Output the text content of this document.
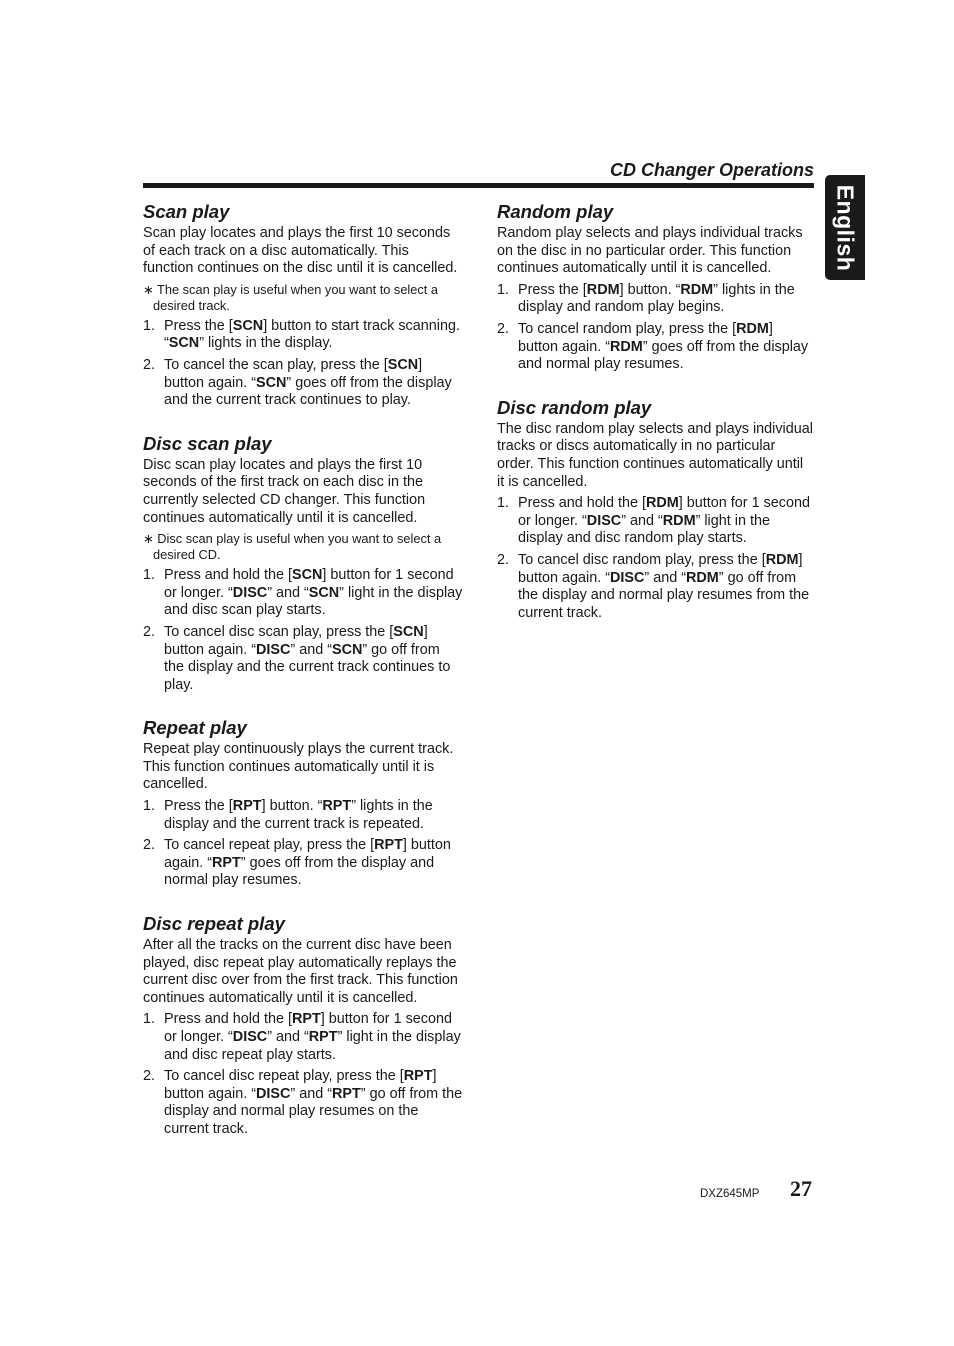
CD Changer Operations
English
Scan play

Scan play locates and plays the first 10 seconds of each track on a disc automatically. This function continues on the disc until it is cancelled.

∗ The scan play is useful when you want to select a desired track.

1. Press the [SCN] button to start track scanning. “SCN” lights in the display.
2. To cancel the scan play, press the [SCN] button again. “SCN” goes off from the display and the current track continues to play.
Disc scan play

Disc scan play locates and plays the first 10 seconds of the first track on each disc in the currently selected CD changer. This function continues automatically until it is cancelled.

∗ Disc scan play is useful when you want to select a desired CD.

1. Press and hold the [SCN] button for 1 second or longer. “DISC” and “SCN” light in the display and disc scan play starts.
2. To cancel disc scan play, press the [SCN] button again. “DISC” and “SCN” go off from the display and the current track continues to play.
Repeat play

Repeat play continuously plays the current track. This function continues automatically until it is cancelled.

1. Press the [RPT] button. “RPT” lights in the display and the current track is repeated.
2. To cancel repeat play, press the [RPT] button again. “RPT” goes off from the display and normal play resumes.
Disc repeat play

After all the tracks on the current disc have been played, disc repeat play automatically replays the current disc over from the first track. This function continues automatically until it is cancelled.

1. Press and hold the [RPT] button for 1 second or longer. “DISC” and “RPT” light in the display and disc repeat play starts.
2. To cancel disc repeat play, press the [RPT] button again. “DISC” and “RPT” go off from the display and normal play resumes on the current track.
Random play

Random play selects and plays individual tracks on the disc in no particular order. This function continues automatically until it is cancelled.

1. Press the [RDM] button. “RDM” lights in the display and random play begins.
2. To cancel random play, press the [RDM] button again. “RDM” goes off from the display and normal play resumes.
Disc random play

The disc random play selects and plays individual tracks or discs automatically in no particular order. This function continues automatically until it is cancelled.

1. Press and hold the [RDM] button for 1 second or longer. “DISC” and “RDM” light in the display and disc random play starts.
2. To cancel disc random play, press the [RDM] button again. “DISC” and “RDM” go off from the display and normal play resumes from the current track.
DXZ645MP 27
